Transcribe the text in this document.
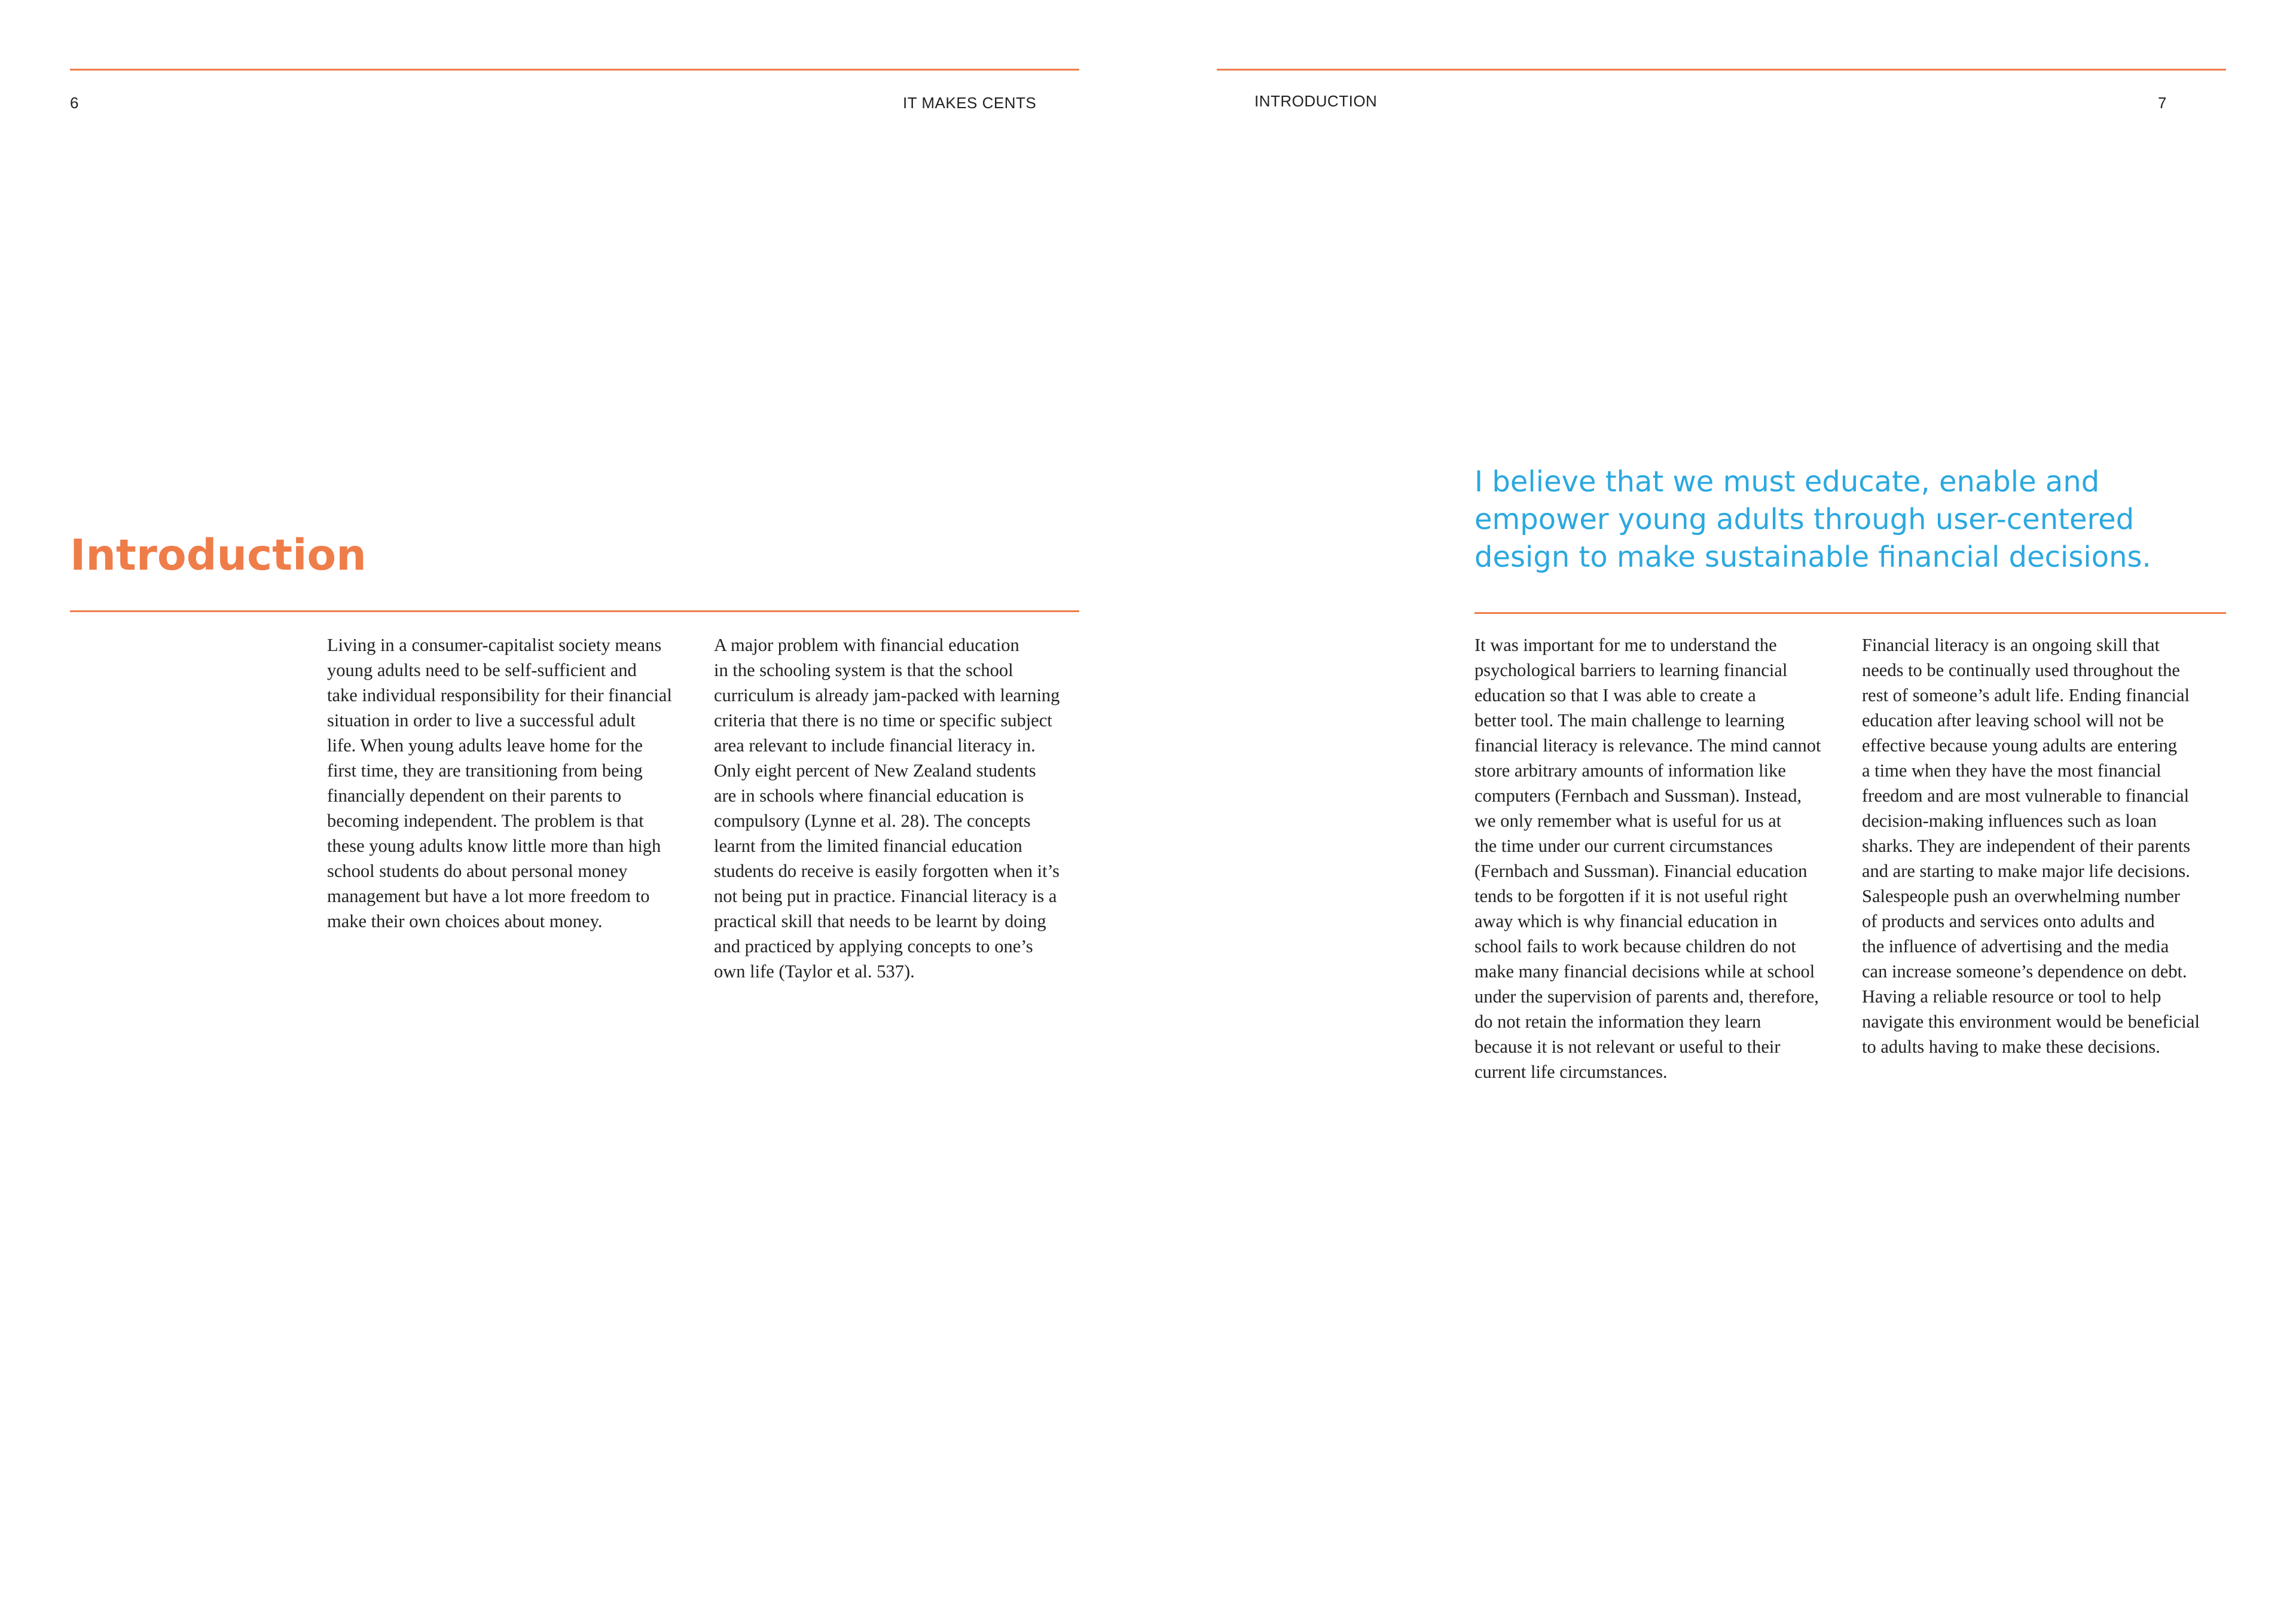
6	IT MAKES CENTS	INTRODUCTION	7
Introduction
I believe that we must educate, enable and
empower young adults through user-centered
design to make sustainable financial decisions.

Living in a consumer-capitalist society means
young adults need to be self-sufficient and
take individual responsibility for their financial
situation in order to live a successful adult
life. When young adults leave home for the
first time, they are transitioning from being
financially dependent on their parents to
becoming independent. The problem is that
these young adults know little more than high
school students do about personal money
management but have a lot more freedom to
make their own choices about money.

A major problem with financial education
in the schooling system is that the school
curriculum is already jam-packed with learning
criteria that there is no time or specific subject
area relevant to include financial literacy in.
Only eight percent of New Zealand students
are in schools where financial education is
compulsory (Lynne et al. 28). The concepts
learnt from the limited financial education
students do receive is easily forgotten when it’s
not being put in practice. Financial literacy is a
practical skill that needs to be learnt by doing
and practiced by applying concepts to one’s
own life (Taylor et al. 537).

It was important for me to understand the
psychological barriers to learning financial
education so that I was able to create a
better tool. The main challenge to learning
financial literacy is relevance. The mind cannot
store arbitrary amounts of information like
computers (Fernbach and Sussman). Instead,
we only remember what is useful for us at
the time under our current circumstances
(Fernbach and Sussman). Financial education
tends to be forgotten if it is not useful right
away which is why financial education in
school fails to work because children do not
make many financial decisions while at school
under the supervision of parents and, therefore,
do not retain the information they learn
because it is not relevant or useful to their
current life circumstances.

Financial literacy is an ongoing skill that
needs to be continually used throughout the
rest of someone’s adult life. Ending financial
education after leaving school will not be
effective because young adults are entering
a time when they have the most financial
freedom and are most vulnerable to financial
decision-making influences such as loan
sharks. They are independent of their parents
and are starting to make major life decisions.
Salespeople push an overwhelming number
of products and services onto adults and
the influence of advertising and the media
can increase someone’s dependence on debt.
Having a reliable resource or tool to help
navigate this environment would be beneficial
to adults having to make these decisions.
